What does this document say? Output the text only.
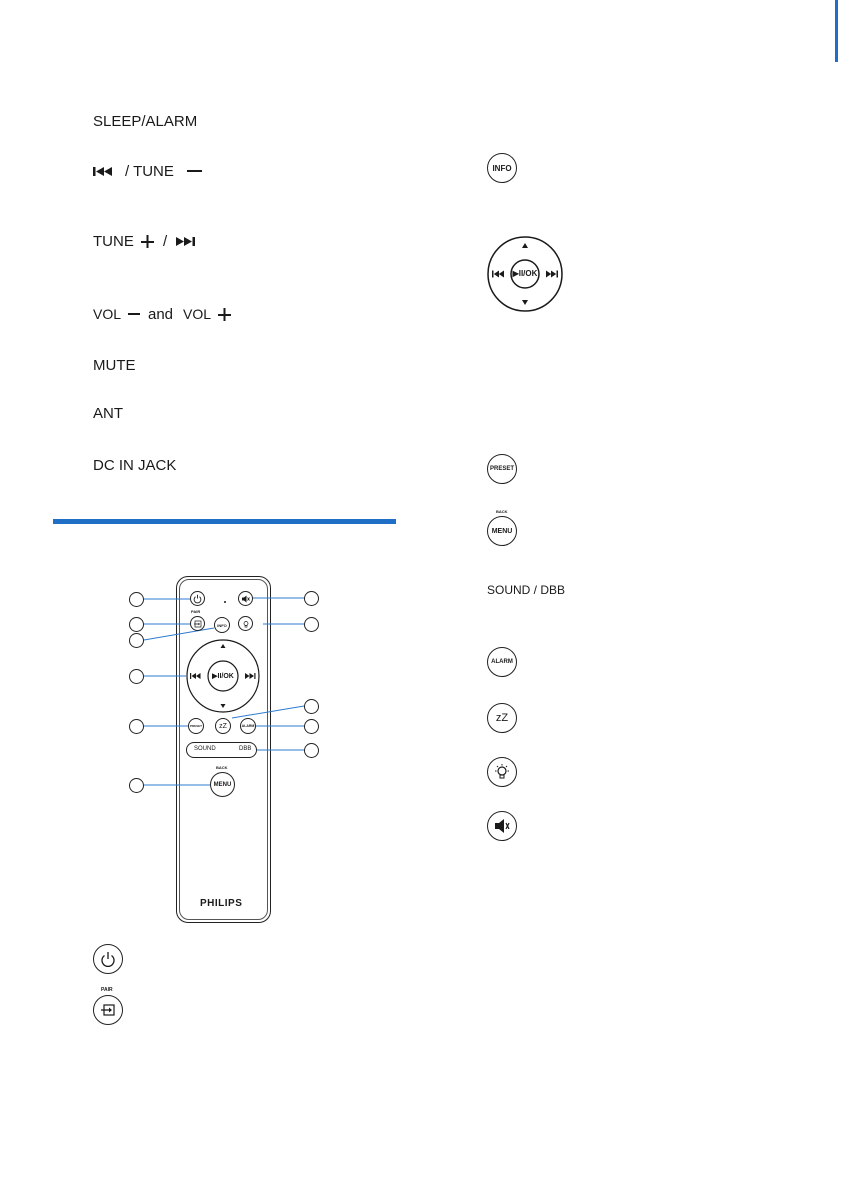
SLEEP/ALARM
/ TUNE
TUNE /
VOL and VOL
MUTE
ANT
DC IN JACK
INFO
▶II/OK
PRESET
BACK
MENU
SOUND / DBB
ALARM
zZ
PAIR
INFO
▶II/OK
PRESET zZ	ALARM
SOUND	DBB
BACK
MENU
PHILIPS
PAIR
